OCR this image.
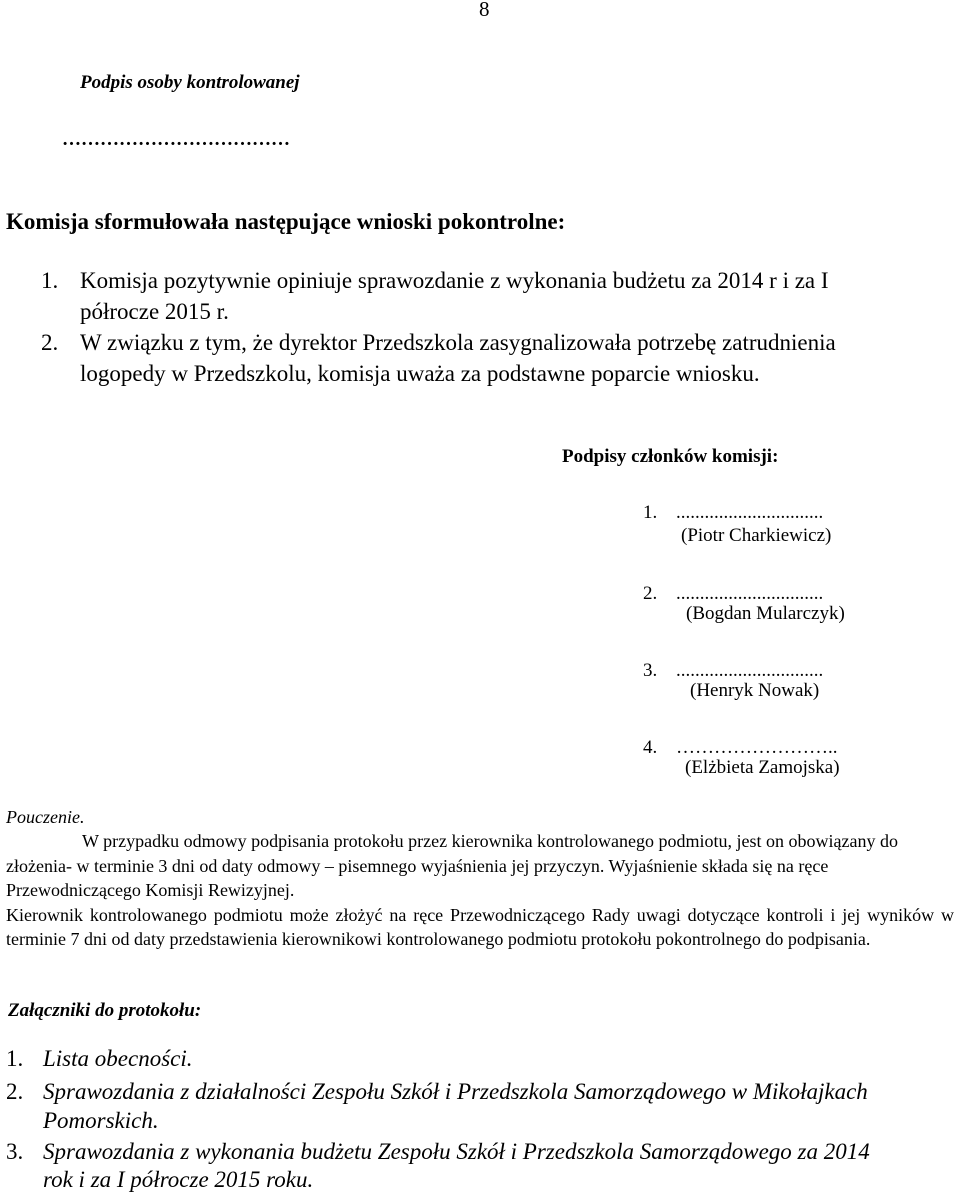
8
Podpis osoby kontrolowanej
………………………………
Komisja sformułowała następujące wnioski pokontrolne:
1. Komisja pozytywnie opiniuje sprawozdanie z wykonania budżetu za 2014 r i za I
półrocze 2015 r.
2. W związku z tym, że dyrektor Przedszkola zasygnalizowała potrzebę zatrudnienia
logopedy w Przedszkolu, komisja uważa za podstawne poparcie wniosku.
Podpisy członków komisji:
1. ...............................
(Piotr Charkiewicz)
2. ...............................
(Bogdan Mularczyk)
3. ...............................
(Henryk Nowak)
4. ……………………..
(Elżbieta Zamojska)
Pouczenie.

W przypadku odmowy podpisania protokołu przez kierownika kontrolowanego podmiotu, jest on obowiązany do złożenia- w terminie 3 dni od daty odmowy – pisemnego wyjaśnienia jej przyczyn. Wyjaśnienie składa się na ręce Przewodniczącego Komisji Rewizyjnej.

Kierownik kontrolowanego podmiotu może złożyć na ręce Przewodniczącego Rady uwagi dotyczące kontroli i jej wyników w terminie 7 dni od daty przedstawienia kierownikowi kontrolowanego podmiotu protokołu pokontrolnego do podpisania.

Załączniki do protokołu:
1. Lista obecności.
2. Sprawozdania z działalności Zespołu Szkół i Przedszkola Samorządowego w Mikołajkach
Pomorskich.
3. Sprawozdania z wykonania budżetu Zespołu Szkół i Przedszkola Samorządowego za 2014
rok i za I półrocze 2015 roku.
